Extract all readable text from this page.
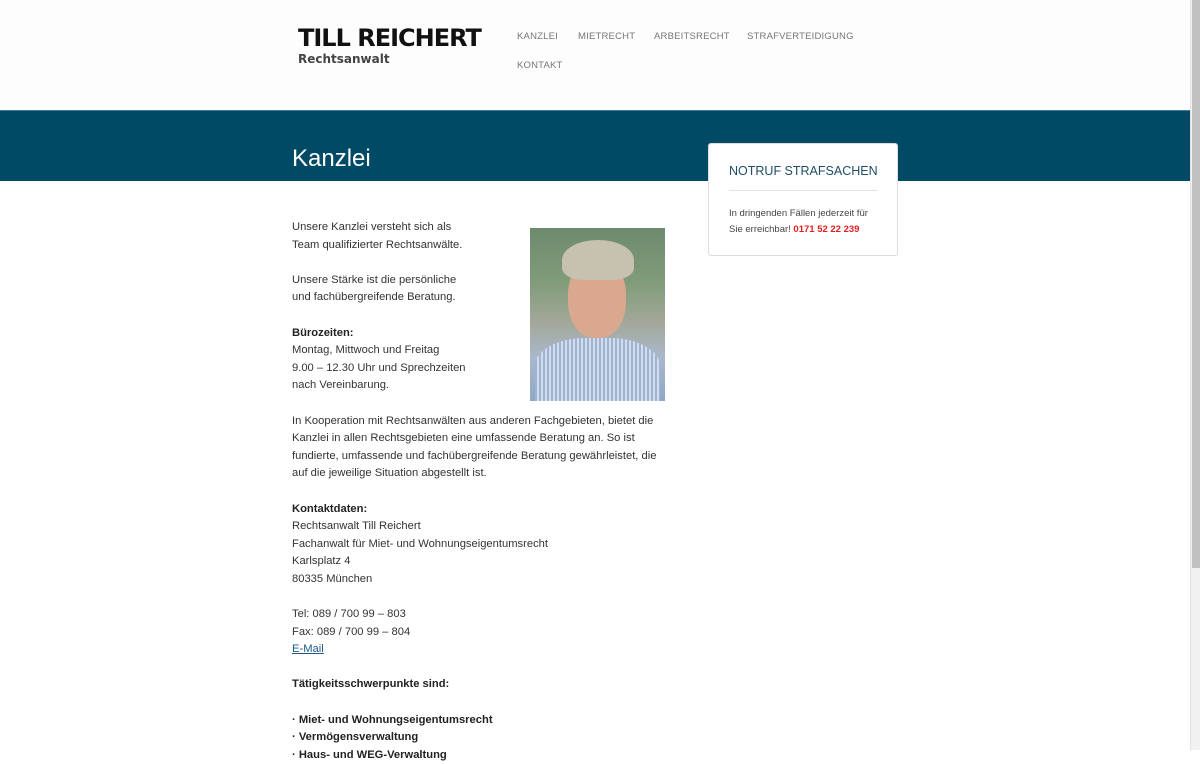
TILL REICHERT
Rechtsanwalt
KANZLEI MIETRECHT ARBEITSRECHT STRAFVERTEIDIGUNG
KONTAKT
Kanzlei

Unsere Kanzlei versteht sich als Team qualifizierter Rechtsanwälte.

Unsere Stärke ist die persönliche und fachübergreifende Beratung.

Bürozeiten:
Montag, Mittwoch und Freitag
9.00 – 12.30 Uhr und Sprechzeiten nach Vereinbarung.

In Kooperation mit Rechtsanwälten aus anderen Fachgebieten, bietet die Kanzlei in allen Rechtsgebieten eine umfassende Beratung an. So ist fundierte, umfassende und fachübergreifende Beratung gewährleistet, die auf die jeweilige Situation abgestellt ist.

Kontaktdaten:
Rechtsanwalt Till Reichert
Fachanwalt für Miet- und Wohnungseigentumsrecht
Karlsplatz 4
80335 München

Tel: 089 / 700 99 – 803
Fax: 089 / 700 99 – 804
E-Mail

Tätigkeitsschwerpunkte sind:

· Miet- und Wohnungseigentumsrecht
· Vermögensverwaltung
· Haus- und WEG-Verwaltung
NOTRUF STRAFSACHEN

In dringenden Fällen jederzeit für Sie erreichbar! 0171 52 22 239
